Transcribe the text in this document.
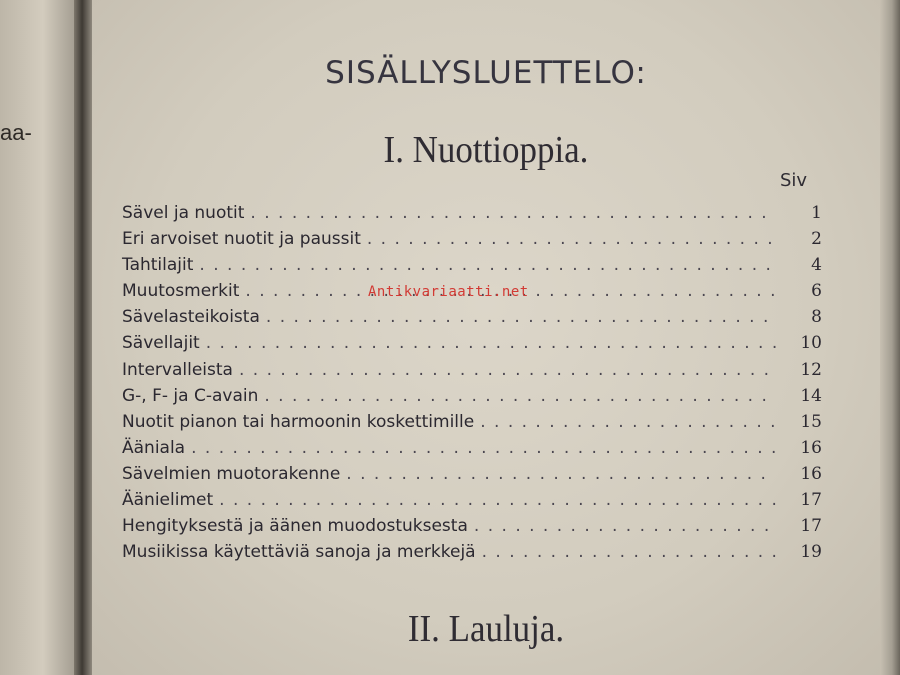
aa-
SISÄLLYSLUETTELO:
I. Nuottioppia.
Siv
Sävel ja nuotit . . .	1
Eri arvoiset nuotit ja paussit . . .	2
Tahtilajit . . .	4
Muutosmerkit . . .	6
Sävelasteikoista . . .	8
Sävellajit . . .	10
Intervalleista . . .	12
G-, F- ja C-avain . . .	14
Nuotit pianon tai harmoonin koskettimille . . .	15
Ääniala . . .	16
Sävelmien muotorakenne . . .	16
Äänielimet . . .	17
Hengityksestä ja äänen muodostuksesta . . .	17
Musiikissa käytettäviä sanoja ja merkkejä . . .	19
II. Lauluja.
Antikvariaatti.net
